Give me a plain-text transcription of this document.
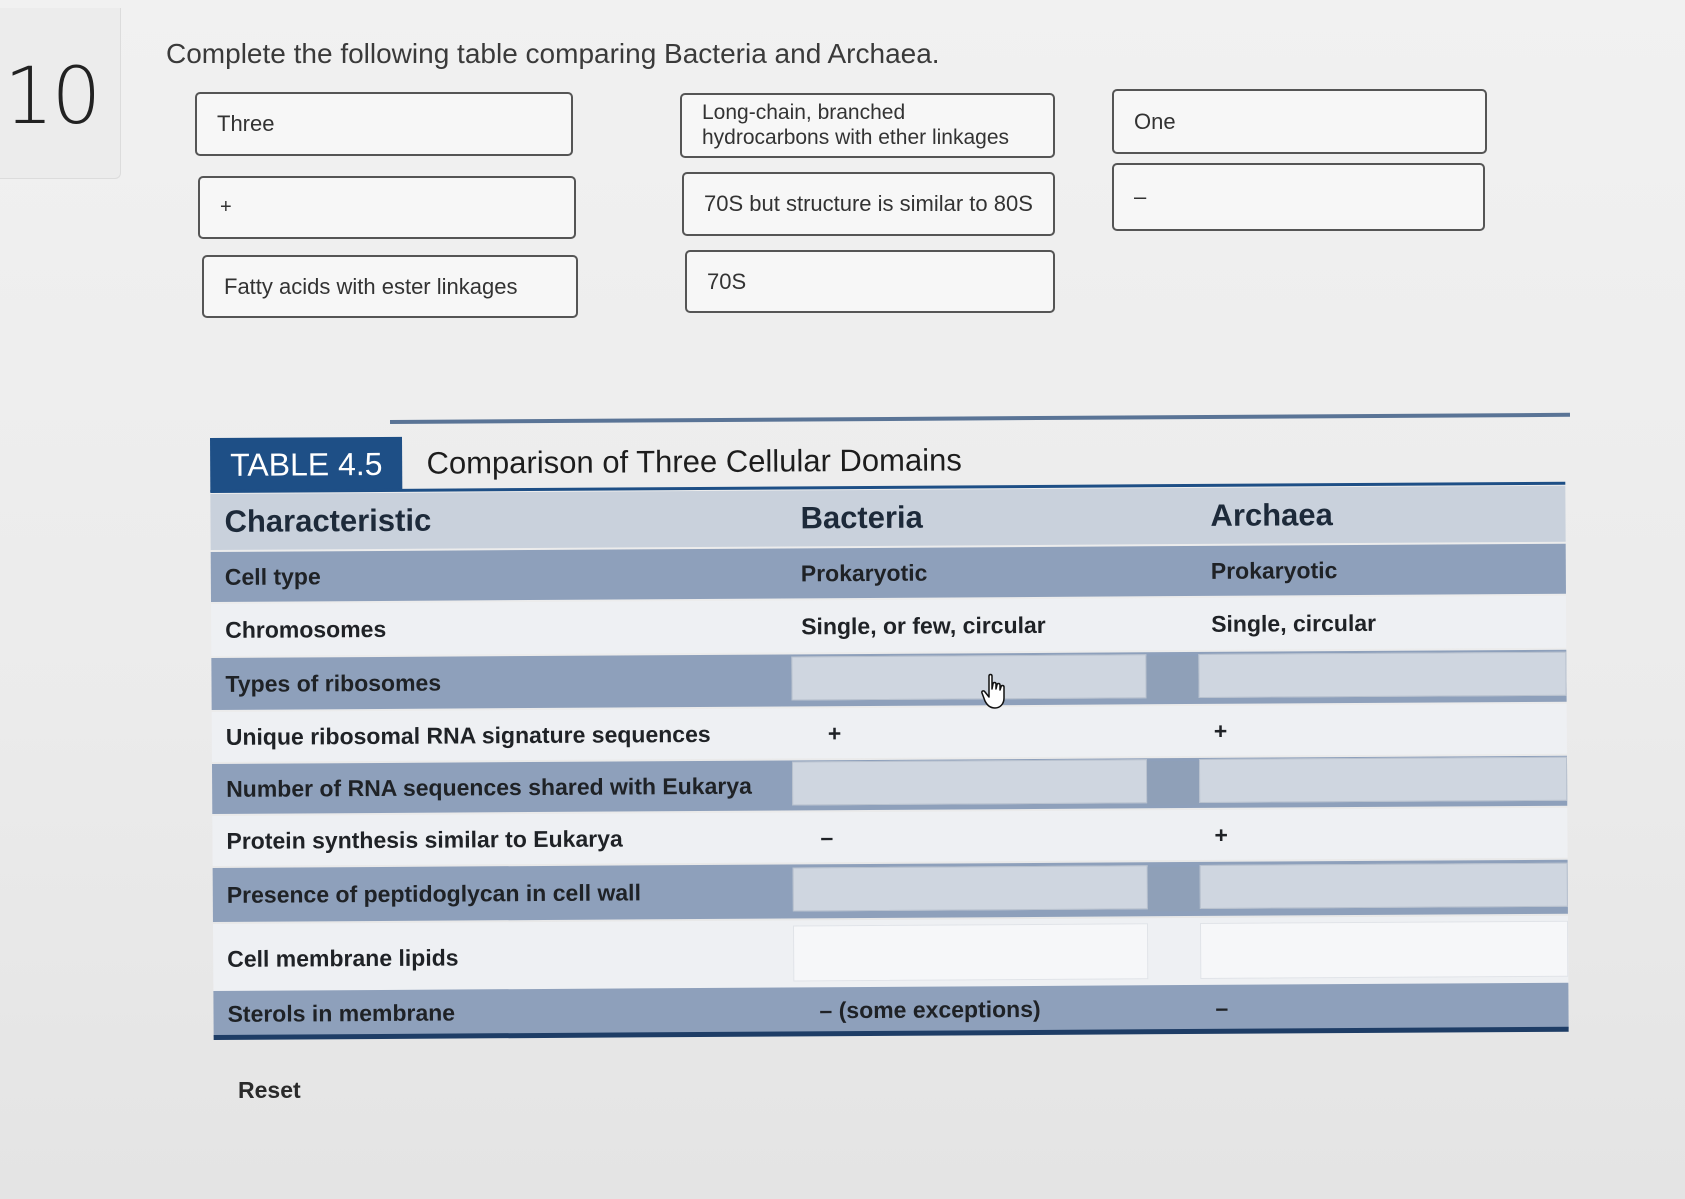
10 Complete the following table comparing Bacteria and Archaea.
Three	Long-chain, branched hydrocarbons with ether linkages
One
+	70S but structure is similar to 80S	–
Fatty acids with ester linkages	70S
TABLE 4.5	Comparison of Three Cellular Domains
Characteristic	Bacteria	Archaea
Cell type	Prokaryotic	Prokaryotic
Chromosomes	Single, or few, circular	Single, circular
Types of ribosomes
Unique ribosomal RNA signature sequences	+	+
Number of RNA sequences shared with Eukarya
Protein synthesis similar to Eukarya	–	+
Presence of peptidoglycan in cell wall
Cell membrane lipids
Sterols in membrane	– (some exceptions)	–
Reset
